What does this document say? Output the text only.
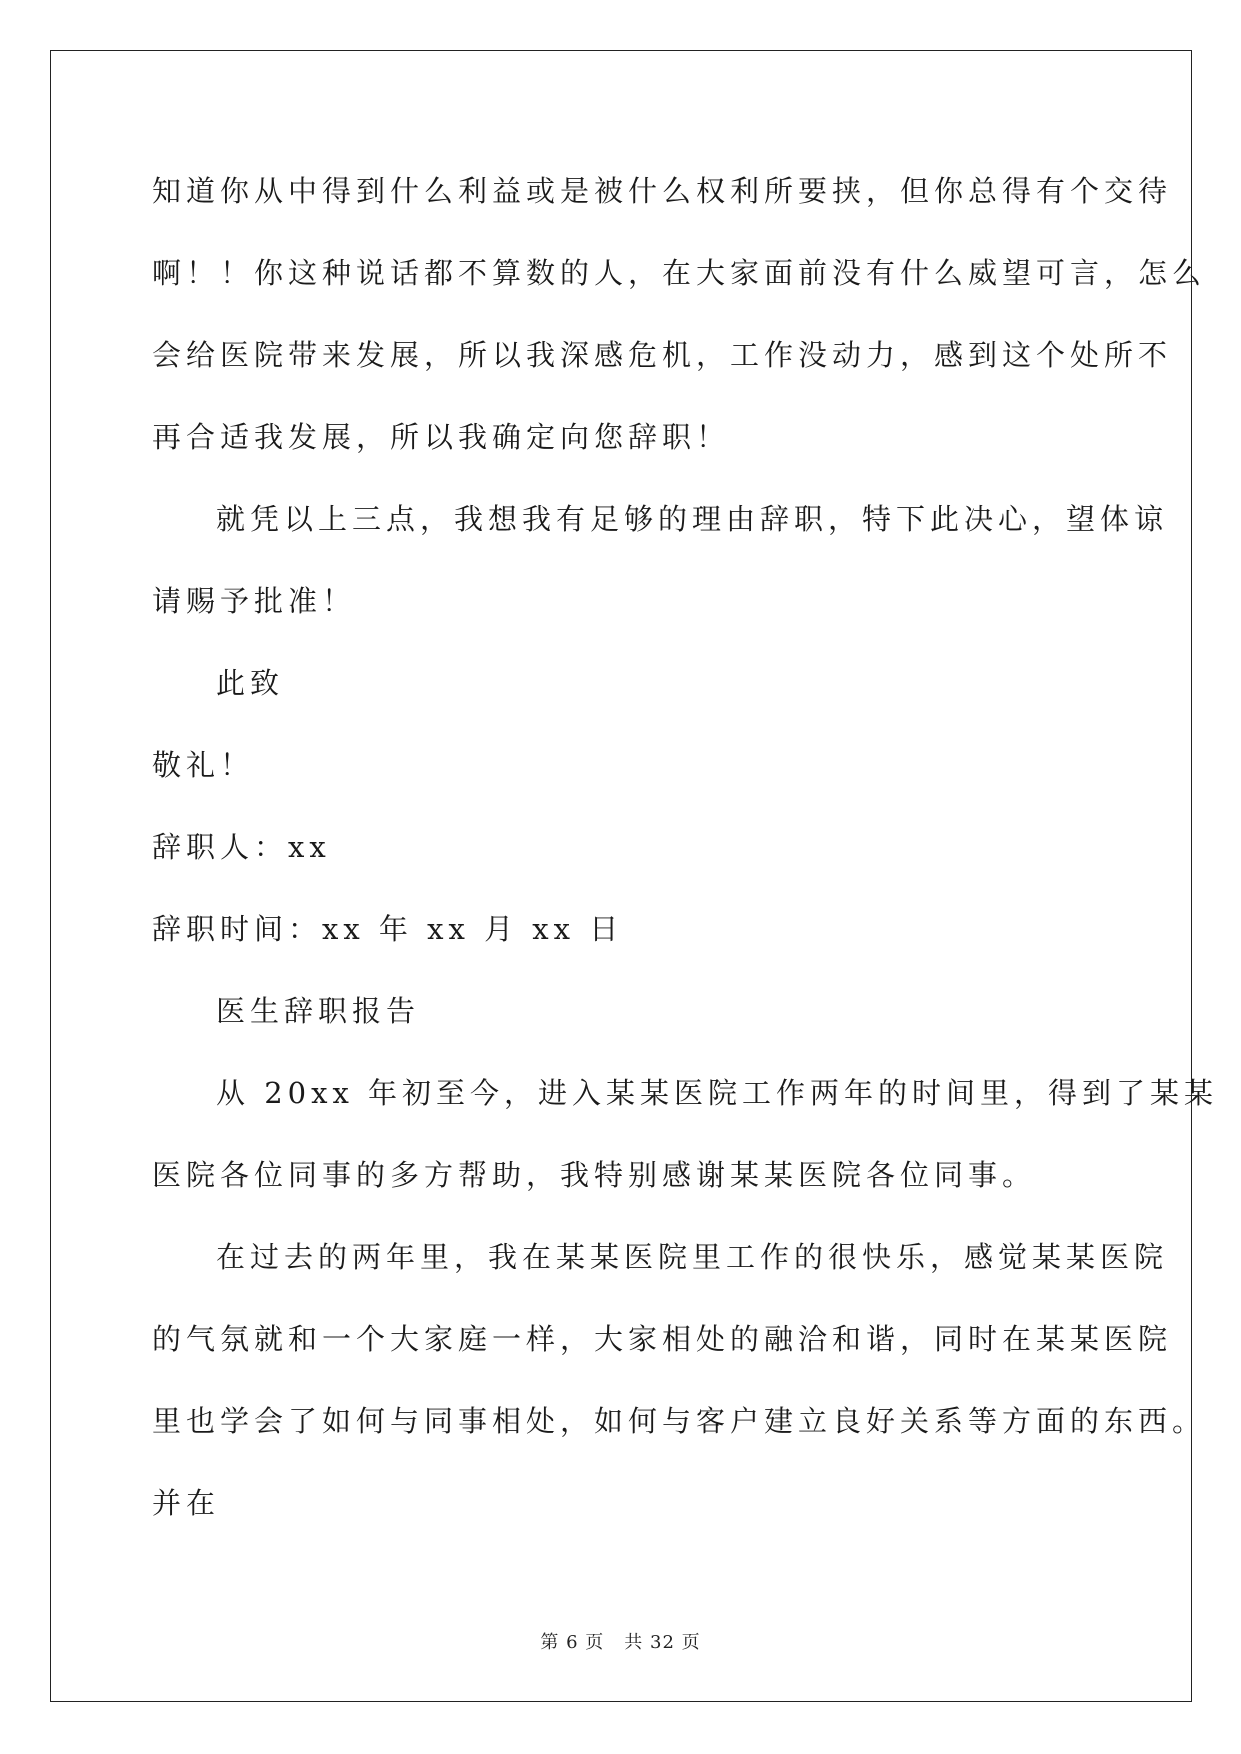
知道你从中得到什么利益或是被什么权利所要挟，但你总得有个交待
啊！！你这种说话都不算数的人，在大家面前没有什么威望可言，怎么
会给医院带来发展，所以我深感危机，工作没动力，感到这个处所不
再合适我发展，所以我确定向您辞职！
就凭以上三点，我想我有足够的理由辞职，特下此决心，望体谅
请赐予批准！
此致
敬礼！
辞职人：xx
辞职时间：xx 年 xx 月 xx 日
医生辞职报告
从 20xx 年初至今，进入某某医院工作两年的时间里，得到了某某
医院各位同事的多方帮助，我特别感谢某某医院各位同事。
在过去的两年里，我在某某医院里工作的很快乐，感觉某某医院
的气氛就和一个大家庭一样，大家相处的融洽和谐，同时在某某医院
里也学会了如何与同事相处，如何与客户建立良好关系等方面的东西。
并在
第 6 页 共 32 页
